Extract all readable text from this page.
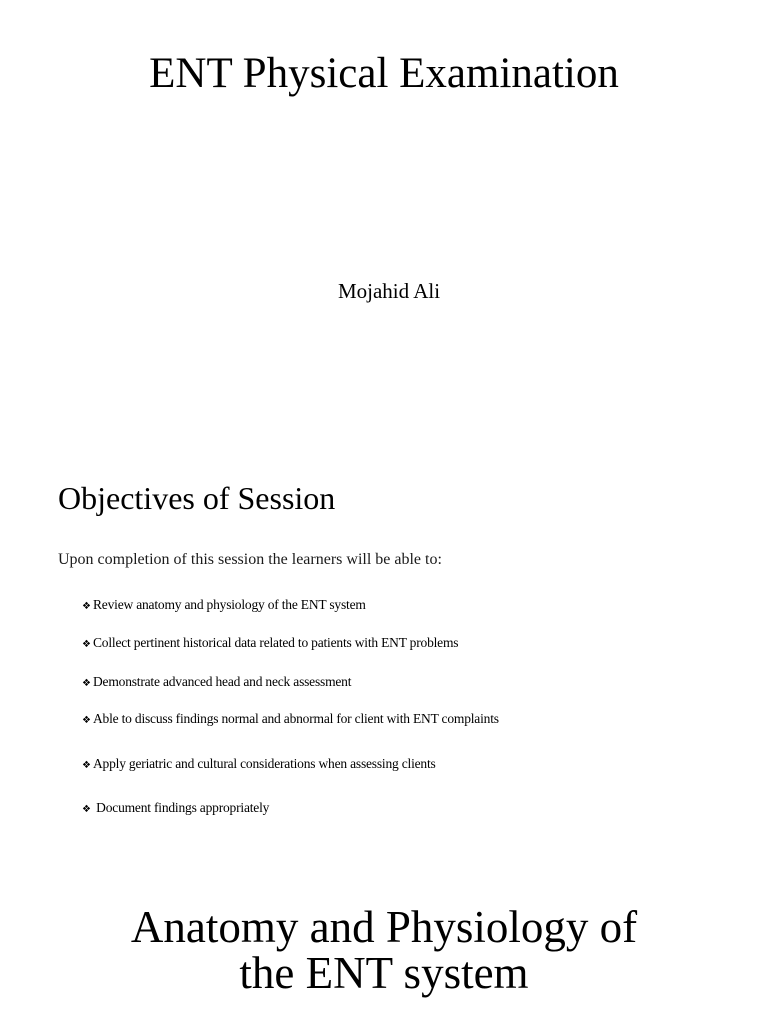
ENT Physical Examination
Mojahid Ali
Objectives of Session
Upon completion of this session the learners will be able to:
❖ Review anatomy and physiology of the ENT system
❖ Collect pertinent historical data related to patients with ENT problems
❖ Demonstrate advanced head and neck assessment
❖ Able to discuss findings normal and abnormal for client with ENT complaints
❖ Apply geriatric and cultural considerations when assessing clients
❖ Document findings appropriately
Anatomy and Physiology of
the ENT system
